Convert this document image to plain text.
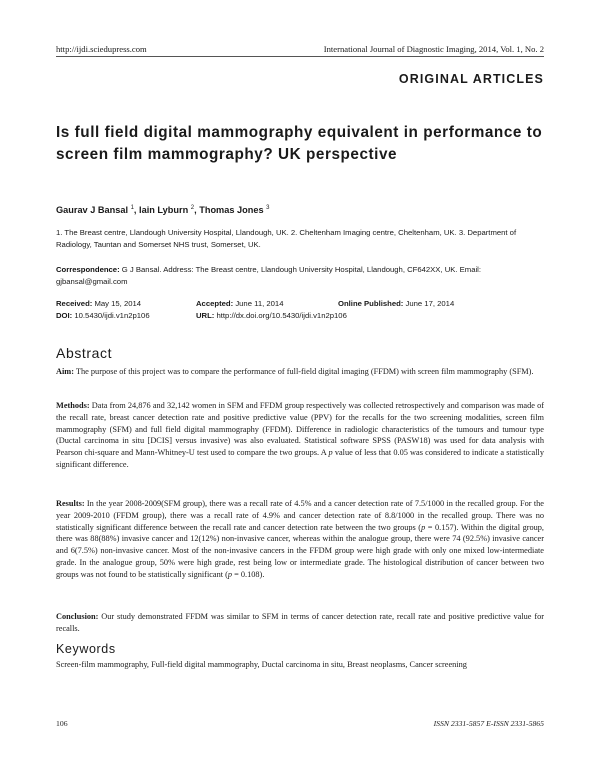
http://ijdi.sciedupress.com	International Journal of Diagnostic Imaging, 2014, Vol. 1, No. 2
ORIGINAL ARTICLES
Is full field digital mammography equivalent in performance to screen film mammography? UK perspective
Gaurav J Bansal $^1$, Iain Lyburn $^2$, Thomas Jones $^3$
1. The Breast centre, Llandough University Hospital, Llandough, UK. 2. Cheltenham Imaging centre, Cheltenham, UK. 3. Department of Radiology, Tauntan and Somerset NHS trust, Somerset, UK.
Correspondence: G J Bansal. Address: The Breast centre, Llandough University Hospital, Llandough, CF642XX, UK. Email: gjbansal@gmail.com
Received: May 15, 2014	Accepted: June 11, 2014	Online Published: June 17, 2014
DOI: 10.5430/ijdi.v1n2p106	URL: http://dx.doi.org/10.5430/ijdi.v1n2p106
Abstract
Aim: The purpose of this project was to compare the performance of full-field digital imaging (FFDM) with screen film mammography (SFM).
Methods: Data from 24,876 and 32,142 women in SFM and FFDM group respectively was collected retrospectively and comparison was made of the recall rate, breast cancer detection rate and positive predictive value (PPV) for the recalls for the two screening modalities, screen film mammography (SFM) and full field digital mammography (FFDM). Difference in radiologic characteristics of the tumours and tumour type (Ductal carcinoma in situ [DCIS] versus invasive) was also evaluated. Statistical software SPSS (PASW18) was used for data analysis with Pearson chi-square and Mann-Whitney-U test used to compare the two groups. A p value of less that 0.05 was considered to indicate a statistically significant difference.
Results: In the year 2008-2009(SFM group), there was a recall rate of 4.5% and a cancer detection rate of 7.5/1000 in the recalled group. For the year 2009-2010 (FFDM group), there was a recall rate of 4.9% and cancer detection rate of 8.8/1000 in the recalled group. There was no statistically significant difference between the recall rate and cancer detection rate between the two groups (p = 0.157). Within the digital group, there was 88(88%) invasive cancer and 12(12%) non-invasive cancer, whereas within the analogue group, there were 74 (92.5%) invasive cancer and 6(7.5%) non-invasive cancer. Most of the non-invasive cancers in the FFDM group were high grade with only one mixed low-intermediate grade. In the analogue group, 50% were high grade, rest being low or intermediate grade. The histological distribution of cancer between two groups was not found to be statistically significant (p = 0.108).
Conclusion: Our study demonstrated FFDM was similar to SFM in terms of cancer detection rate, recall rate and positive predictive value for recalls.
Keywords
Screen-film mammography, Full-field digital mammography, Ductal carcinoma in situ, Breast neoplasms, Cancer screening
106	ISSN 2331-5857 E-ISSN 2331-5865
